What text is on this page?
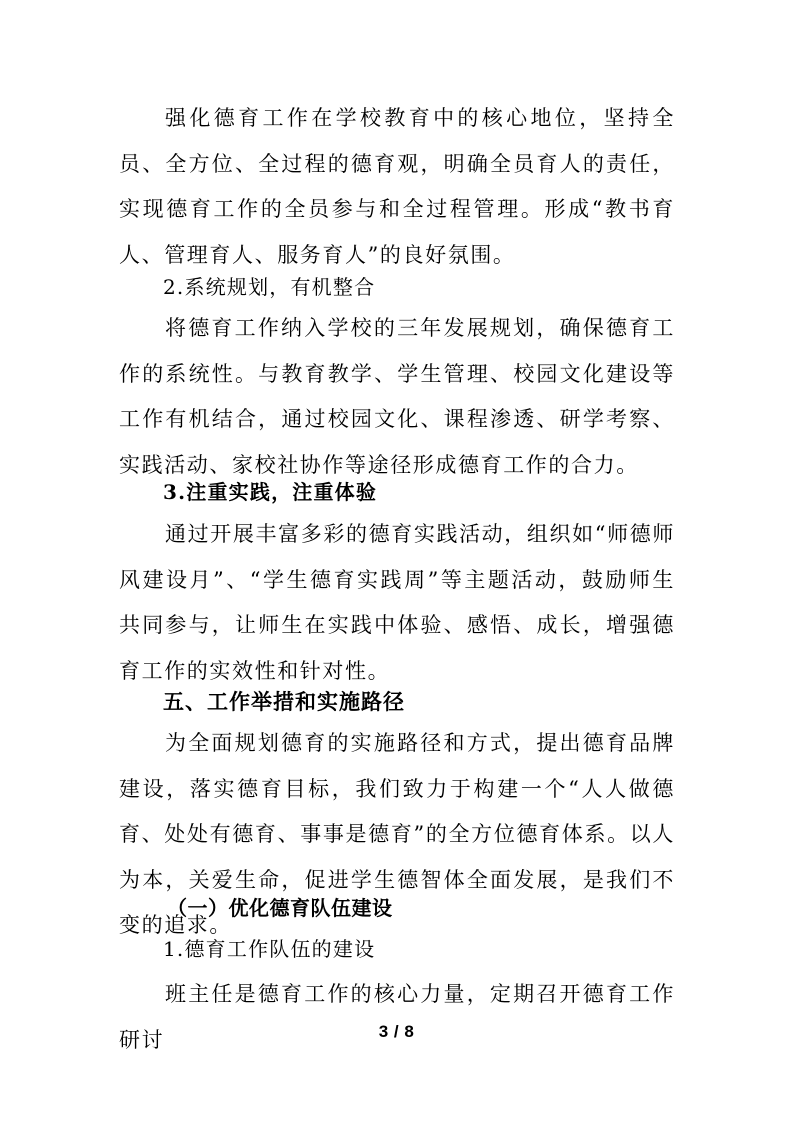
强化德育工作在学校教育中的核心地位，坚持全员、全方位、全过程的德育观，明确全员育人的责任，实现德育工作的全员参与和全过程管理。形成“教书育人、管理育人、服务育人”的良好氛围。

2.系统规划，有机整合

将德育工作纳入学校的三年发展规划，确保德育工作的系统性。与教育教学、学生管理、校园文化建设等工作有机结合，通过校园文化、课程渗透、研学考察、实践活动、家校社协作等途径形成德育工作的合力。

3.注重实践，注重体验

通过开展丰富多彩的德育实践活动，组织如“师德师风建设月”、“学生德育实践周”等主题活动，鼓励师生共同参与，让师生在实践中体验、感悟、成长，增强德育工作的实效性和针对性。

五、工作举措和实施路径

为全面规划德育的实施路径和方式，提出德育品牌建设，落实德育目标，我们致力于构建一个“人人做德育、处处有德育、事事是德育”的全方位德育体系。以人为本，关爱生命，促进学生德智体全面发展，是我们不变的追求。

（一）优化德育队伍建设

1.德育工作队伍的建设

班主任是德育工作的核心力量，定期召开德育工作研讨	3 / 8
